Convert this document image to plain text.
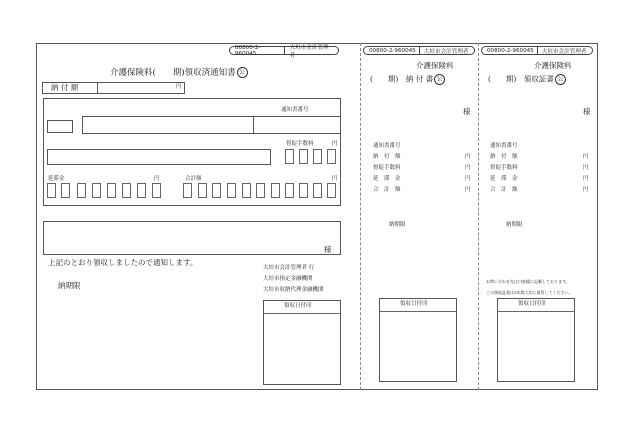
00800-2-960045
大垣市会計管理者
介護保険料(　　期)領収済通知書 公
納 付 額	円
通知書番号
督促手数料	円
延滞金	円	合計額	円
様
上記のとおり領収しましたので通知します。
大垣市会計管理者 行
大垣市指定金融機関
大垣市収納代理金融機関
納期限
領収日付印
00800-2-960045	大垣市会計管理者
介護保険料
(　　期)　納 付 書 公
様
通知書番号
納　付　額	円
督促手数料	円
延　滞　金	円
合　計　額	円
納期限
領収日付印
00800-2-960045	大垣市会計管理者
介護保険料
(　　期)　領収証書 公
様
通知書番号
納　付　額	円
督促手数料	円
延　滞　金	円
合　計　額	円
納期限
お問い合わせ先は口座帳に記載しております。
この領収証書は5年間大切に保管してください。
領収日付印
